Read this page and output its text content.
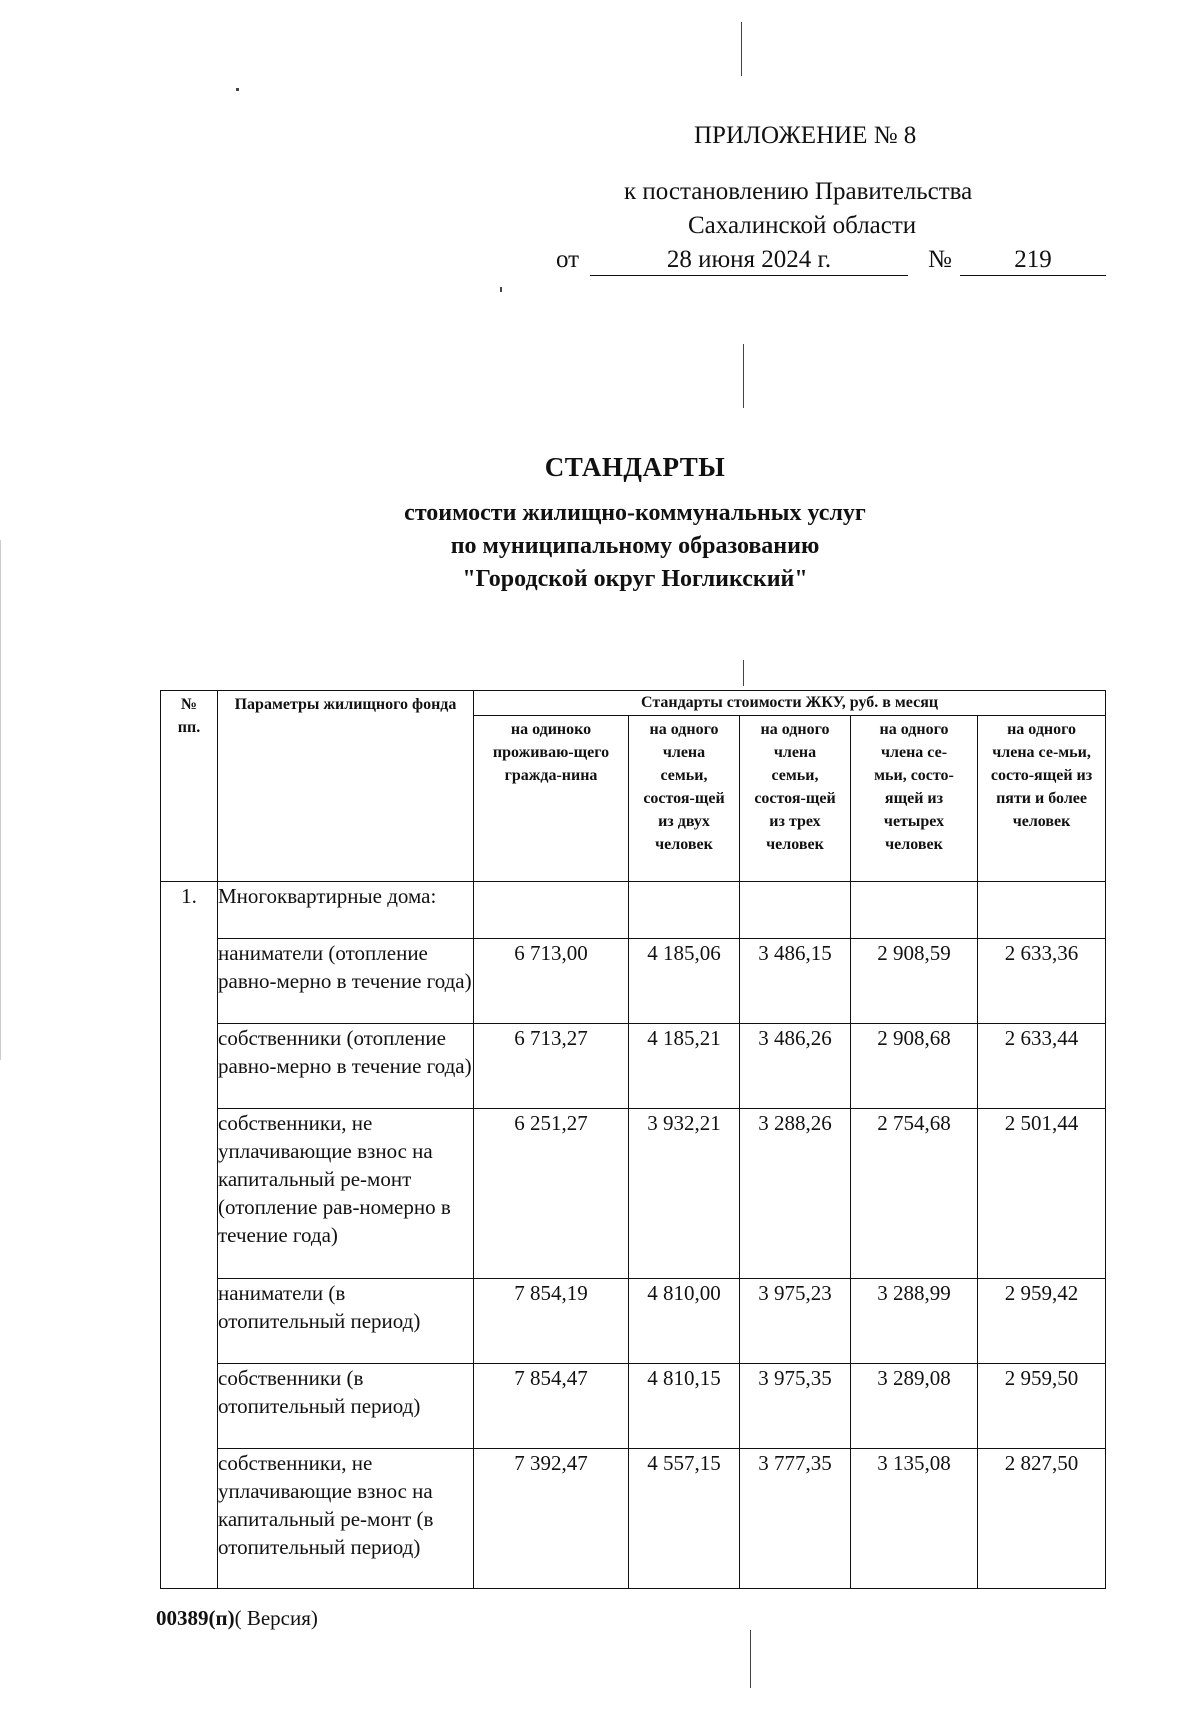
ПРИЛОЖЕНИЕ № 8
к постановлению Правительства
Сахалинской области
от	28 июня 2024 г.	№	219
СТАНДАРТЫ
стоимости жилищно-коммунальных услуг
по муниципальному образованию
"Городской округ Ногликский"
№ пп.	Параметры жилищного фонда	Стандарты стоимости ЖКУ, руб. в месяц				
		на одиноко проживаю-щего гражда-нина	на одного члена семьи, состоя-щей из двух человек	на одного члена семьи, состоя-щей из трех человек	на одного члена се-мьи, состо-ящей из четырех человек	на одного члена се-мьи, состо-ящей из пяти и более человек
1.	Многоквартирные дома:					
	наниматели (отопление равно-мерно в течение года)	6 713,00	4 185,06	3 486,15	2 908,59	2 633,36
	собственники (отопление равно-мерно в течение года)	6 713,27	4 185,21	3 486,26	2 908,68	2 633,44
	собственники, не уплачивающие взнос на капитальный ре-монт (отопление рав-номерно в течение года)	6 251,27	3 932,21	3 288,26	2 754,68	2 501,44
	наниматели (в отопительный период)	7 854,19	4 810,00	3 975,23	3 288,99	2 959,42
	собственники (в отопительный период)	7 854,47	4 810,15	3 975,35	3 289,08	2 959,50
	собственники, не уплачивающие взнос на капитальный ре-монт (в отопительный период)	7 392,47	4 557,15	3 777,35	3 135,08	2 827,50
00389(п)( Версия)
